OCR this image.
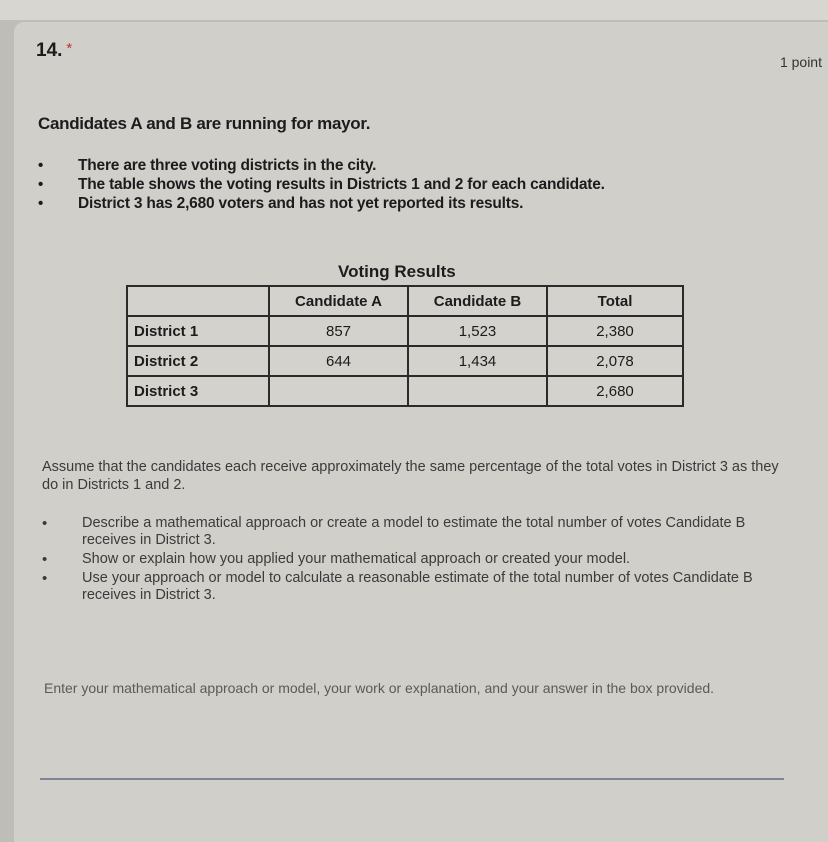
14. *
1 point
Candidates A and B are running for mayor.
• There are three voting districts in the city.
• The table shows the voting results in Districts 1 and 2 for each candidate.
• District 3 has 2,680 voters and has not yet reported its results.
Voting Results
	Candidate A	Candidate B	Total
District 1	857	1,523	2,380
District 2	644	1,434	2,078
District 3			2,680
Assume that the candidates each receive approximately the same percentage of the total votes in District 3 as they do in Districts 1 and 2.
• Describe a mathematical approach or create a model to estimate the total number of votes Candidate B receives in District 3.
• Show or explain how you applied your mathematical approach or created your model.
• Use your approach or model to calculate a reasonable estimate of the total number of votes Candidate B receives in District 3.
Enter your mathematical approach or model, your work or explanation, and your answer in the box provided.
